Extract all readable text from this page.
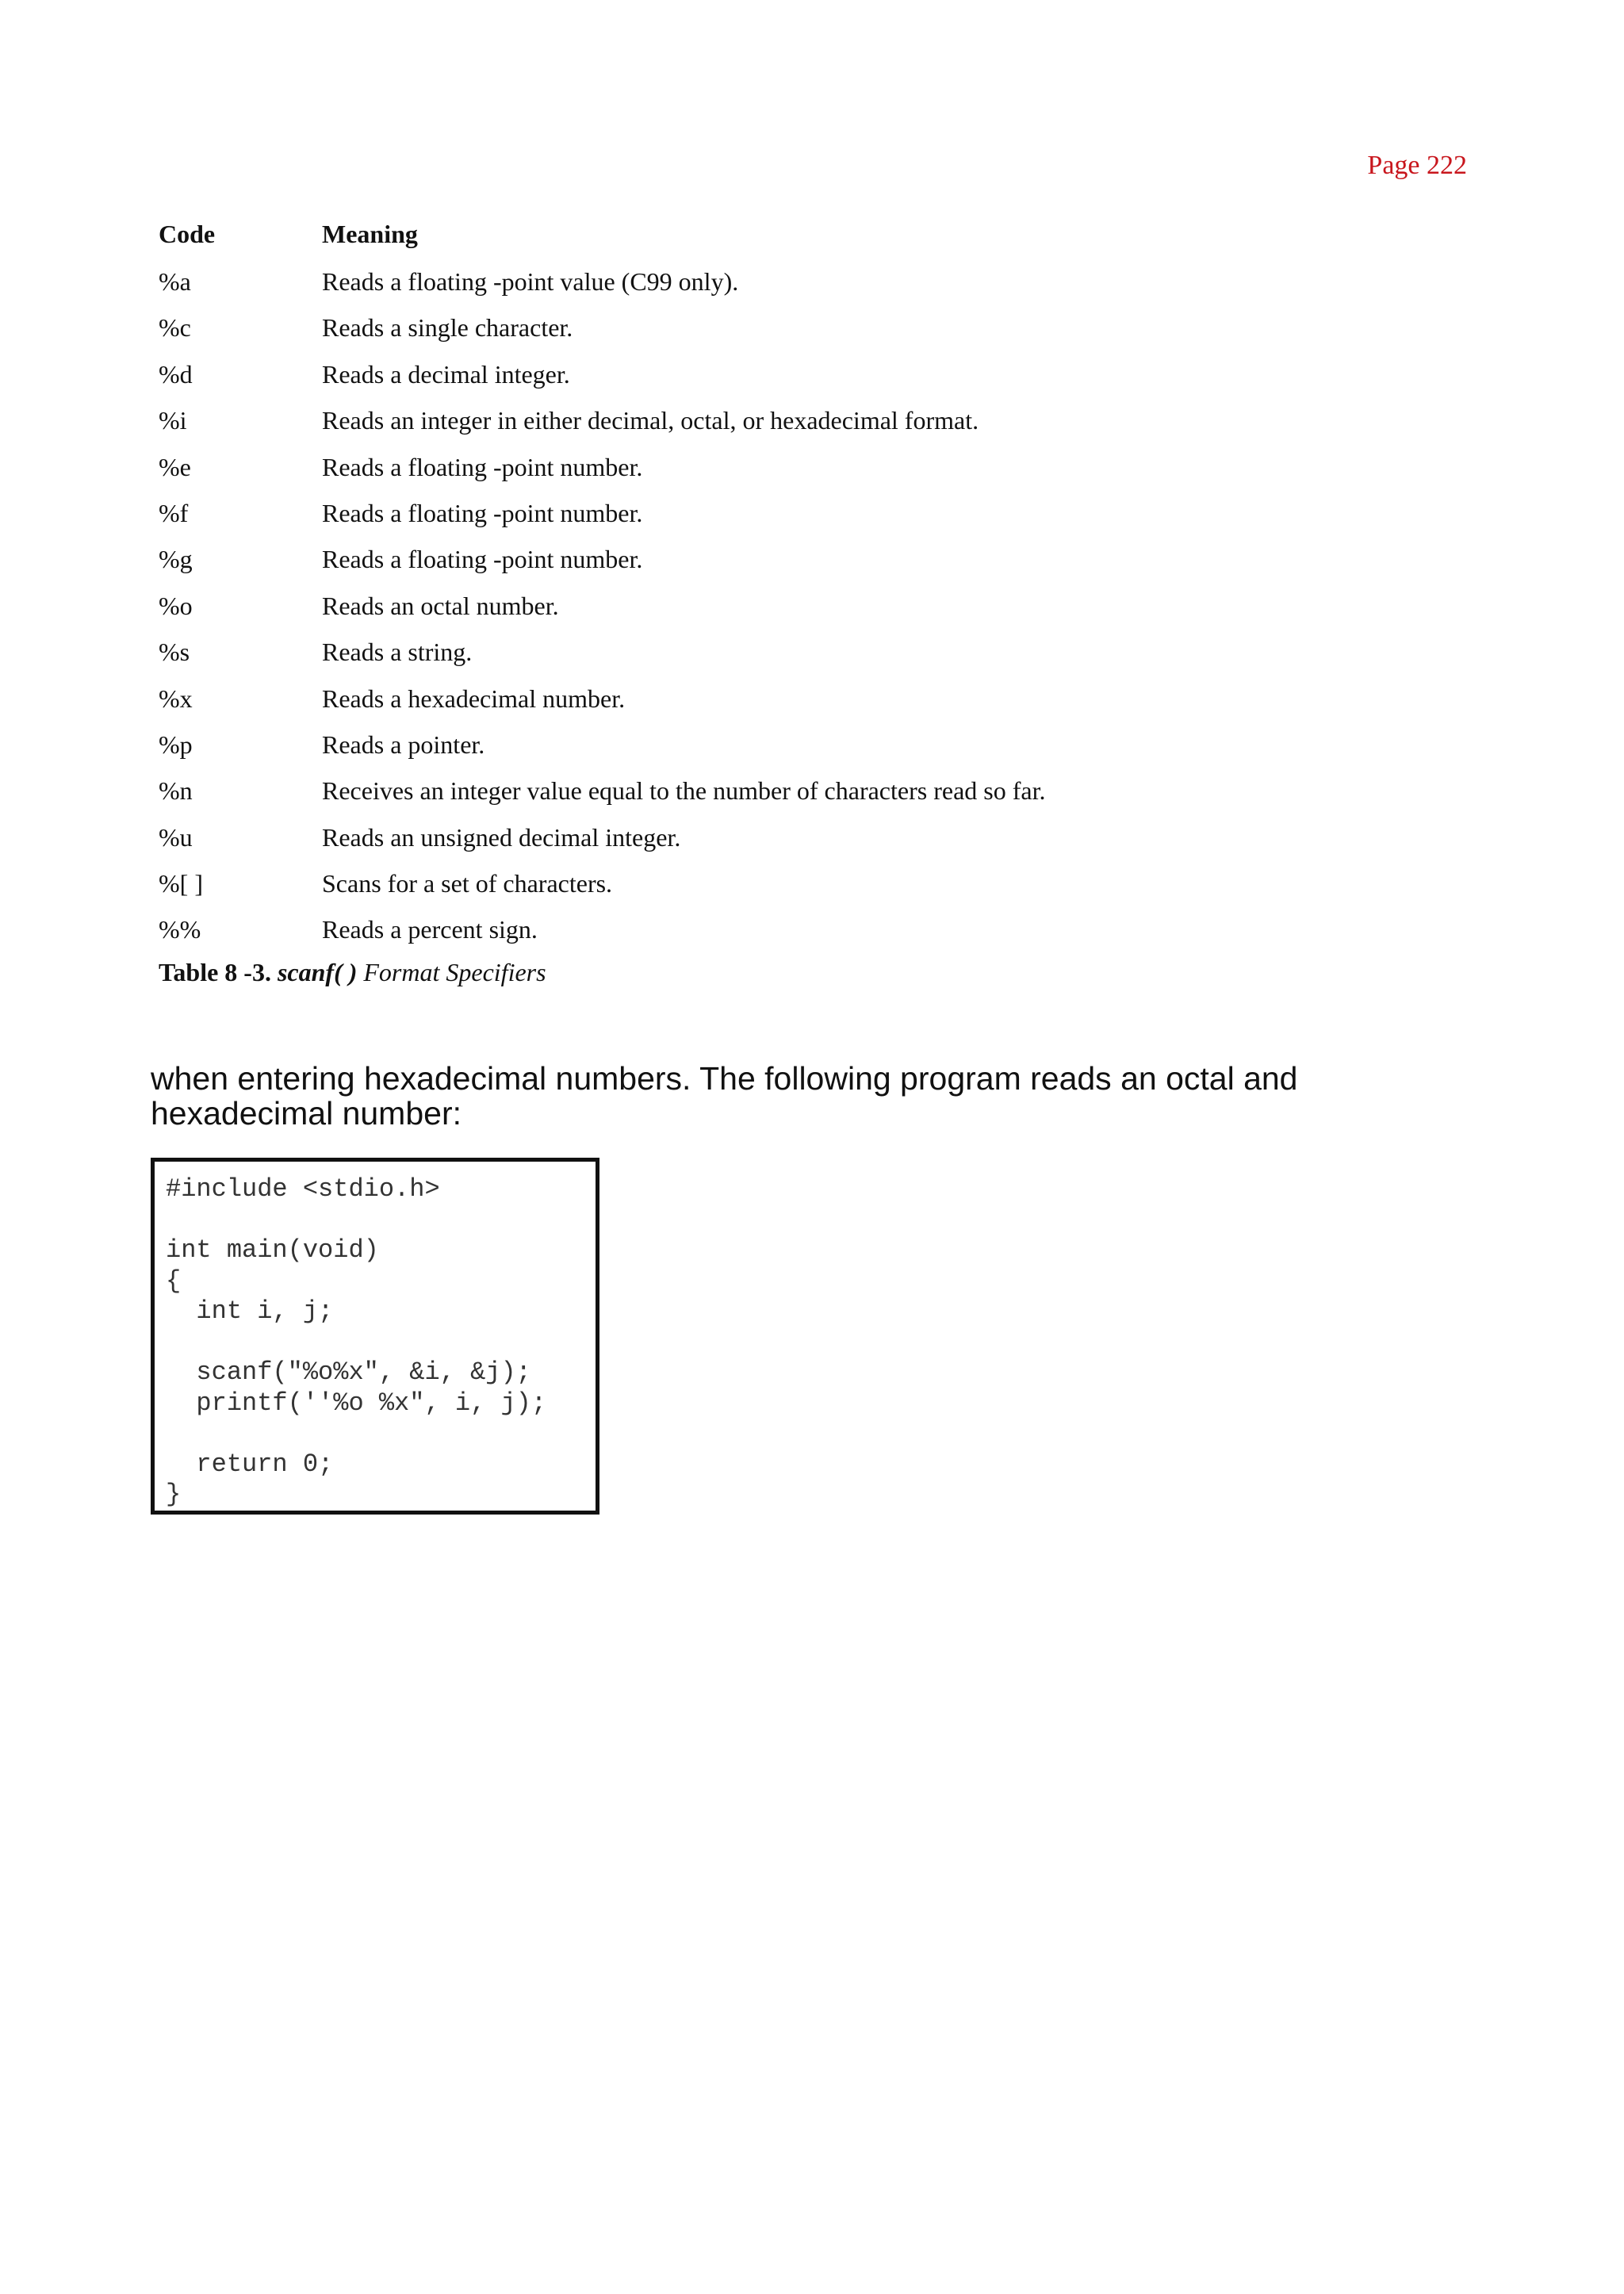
Page 222
Code	Meaning
%a	Reads a floating -point value (C99 only).
%c	Reads a single character.
%d	Reads a decimal integer.
%i	Reads an integer in either decimal, octal, or hexadecimal format.
%e	Reads a floating -point number.
%f	Reads a floating -point number.
%g	Reads a floating -point number.
%o	Reads an octal number.
%s	Reads a string.
%x	Reads a hexadecimal number.
%p	Reads a pointer.
%n	Receives an integer value equal to the number of characters read so far.
%u	Reads an unsigned decimal integer.
%[ ]	Scans for a set of characters.
%%	Reads a percent sign.
Table 8 -3. scanf( ) Format Specifiers

when entering hexadecimal numbers. The following program reads an octal and hexadecimal number:

#include <stdio.h>

int main(void)
{
int i, j;

scanf("%o%x", &i, &j);
printf(''%o %x", i, j);

return 0;
}
